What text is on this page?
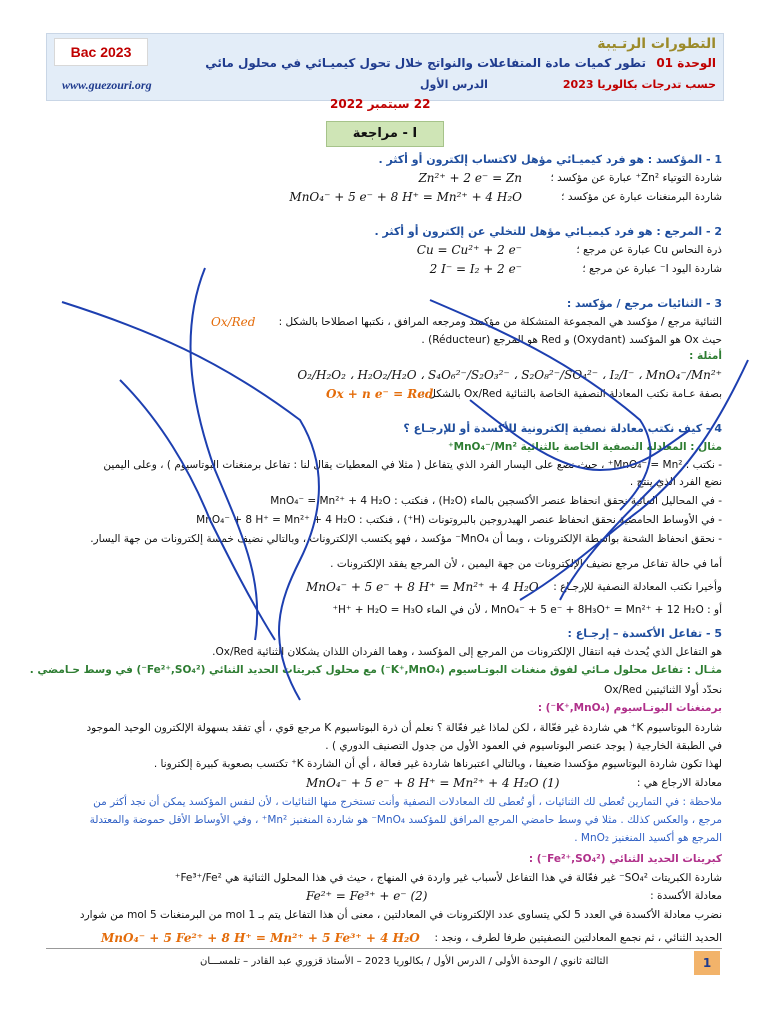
Bac 2023
www.guezouri.org
التطورات الرتـيبة
الوحدة 01
تطور كميات مادة المتفاعلات والنواتج خلال تحول كيميـائي في محلول مائي
حسب تدرجات بكالوريا 2023
الدرس الأول
22 سبتمبر 2022
I - مراجعة
1 - المؤكسد : هو فرد كيميـائي مؤهل لاكتساب إلكترون أو أكثر .
شاردة التوتياء Zn²⁺ عبارة عن مؤكسد ؛
Zn²⁺ + 2 e⁻ = Zn
شاردة البرمنغنات عبارة عن مؤكسد ؛
MnO₄⁻ + 5 e⁻ + 8 H⁺ = Mn²⁺ + 4 H₂O
2 - المرجع : هو فرد كيميـائي مؤهل للتخلي عن إلكترون أو أكثر .
ذرة النحاس Cu عبارة عن مرجع ؛
Cu = Cu²⁺ + 2 e⁻
شاردة اليود I⁻ عبارة عن مرجع ؛
2 I⁻ = I₂ + 2 e⁻
3 - الثنائيات مرجع / مؤكسد :
الثنائية مرجع / مؤكسد هي المجموعة المتشكلة من مؤكسد ومرجعه المرافق ، نكتبها اصطلاحا بالشكل :
Ox/Red
حيث Ox هو المؤكسد (Oxydant) و Red هو المرجع (Réducteur) .
أمثلة :
O₂/H₂O₂ ، H₂O₂/H₂O ، S₄O₆²⁻/S₂O₃²⁻ ، S₂O₈²⁻/SO₄²⁻ ، I₂/I⁻ ، MnO₄⁻/Mn²⁺
بصفة عـامة نكتب المعادلة النصفية الخاصة بالثنائية Ox/Red بالشكل :
Ox + n e⁻ = Red
4 - كيف نكتب معادلة نصفية إلكترونية للأكسدة أو للإرجـاع ؟
مثال : المعادلة النصفية الخاصة بالثنائية MnO₄⁻/Mn²⁺
- نكتب : MnO₄⁻ = Mn²⁺ ، حيث نضع على اليسار الفرد الذي يتفاعل ( مثلا في المعطيات يقال لنا : تفاعل برمنغنات البوتاسيوم ) ، وعلى اليمين
نضع الفرد الذي ينتج .
- في المحاليل المائية نحقق انحفاظ عنصر الأكسجين بالماء (H₂O) ، فنكتب : MnO₄⁻ = Mn²⁺ + 4 H₂O
- في الأوساط الحامضية نحقق انحفاظ عنصر الهيدروجين بالبروتونات (H⁺) ، فنكتب : MnO₄⁻ + 8 H⁺ = Mn²⁺ + 4 H₂O
- نحقق انحفاظ الشحنة بواسطة الإلكترونات ، وبما أن MnO₄⁻ مؤكسد ، فهو يكتسب الإلكترونات ، وبالتالي نضيف خمسة إلكترونات من جهة اليسار.
أما في حالة تفاعل مرجع نضيف الإلكترونات من جهة اليمين ، لأن المرجع يفقد الإلكترونات .
وأخيرا نكتب المعادلة النصفية للإرجـاع :
MnO₄⁻ + 5 e⁻ + 8 H⁺ = Mn²⁺ + 4 H₂O
أو : MnO₄⁻ + 5 e⁻ + 8H₃O⁺ = Mn²⁺ + 12 H₂O ، لأن في الماء H⁺ + H₂O = H₃O⁺
5 - تفاعل الأكسدة – إرجـاع :
هو التفاعل الذي يُحدث فيه انتقال الإلكترونات من المرجع إلى المؤكسد ، وهما الفردان اللذان يشكلان الثنائية Ox/Red.
مثـال : تفاعل محلول مـائي لفوق منغنات البوتـاسيوم (K⁺,MnO₄⁻) مع محلول كبريتات الحديد الثنائي (Fe²⁺,SO₄²⁻) في وسط حـامضي .
نحدّد أولا الثنائيتين Ox/Red
برمنغنات البوتـاسيوم (K⁺,MnO₄⁻) :
شاردة البوتاسيوم K⁺ هي شاردة غير فعّالة ، لكن لماذا غير فعّالة ؟ نعلم أن ذرة البوتاسيوم K مرجع قوي ، أي تفقد بسهولة الإلكترون الوحيد الموجود
في الطبقة الخارجية ( يوجد عنصر البوتاسيوم في العمود الأول من جدول التصنيف الدوري ) .
لهذا تكون شاردة البوتاسيوم مؤكسدا ضعيفا ، وبالتالي اعتبرناها شاردة غير فعالة ، أي أن الشاردة K⁺ تكتسب بصعوبة كبيرة إلكترونا .
معادلة الارجاع هي :
MnO₄⁻ + 5 e⁻ + 8 H⁺ = Mn²⁺ + 4 H₂O (1)
ملاحظة : في التمارين تُعطى لك الثنائيات ، أو تُعطى لك المعادلات النصفية وأنت تستخرج منها الثنائيات ، لأن لنفس المؤكسد يمكن أن نجد أكثر من
مرجع ، والعكس كذلك . مثلا في وسط حامضي المرجع المرافق للمؤكسد MnO₄⁻ هو شاردة المنغنيز Mn²⁺ ، وفي الأوساط الأقل حموضة والمعتدلة
المرجع هو أكسيد المنغنيز MnO₂ .
كبريتات الحديد الثنائي (Fe²⁺,SO₄²⁻) :
شاردة الكبريتات SO₄²⁻ غير فعّالة في هذا التفاعل لأسباب غير واردة في المنهاج ، حيث في هذا المحلول الثنائية هي Fe³⁺/Fe²⁺
معادلة الأكسدة :
Fe²⁺ = Fe³⁺ + e⁻ (2)
نضرب معادلة الأكسدة في العدد 5 لكي يتساوى عدد الإلكترونات في المعادلتين ، معنى أن هذا التفاعل يتم بـ 1 mol من البرمنغنات 5 mol من شوارد
الحديد الثنائي ، ثم نجمع المعادلتين النصفيتين طرفا لطرف ، ونجد :
MnO₄⁻ + 5 Fe²⁺ + 8 H⁺ = Mn²⁺ + 5 Fe³⁺ + 4 H₂O
1
الثالثة ثانوي / الوحدة الأولى / الدرس الأول / بكالوريا 2023 – الأستاذ قزوري عبد القادر – تلمســـان
